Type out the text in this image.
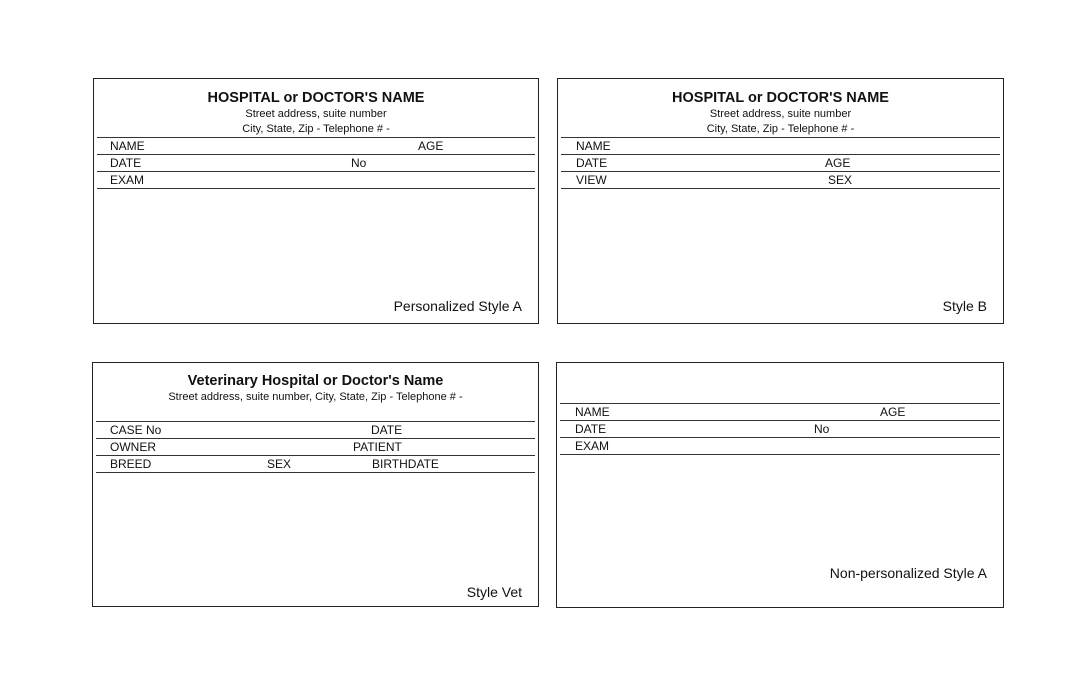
HOSPITAL or DOCTOR'S NAME
Street address, suite number
City, State, Zip - Telephone # -
NAME	AGE
DATE	No
EXAM
Personalized Style A
HOSPITAL or DOCTOR'S NAME
Street address, suite number
City, State, Zip - Telephone # -
NAME
DATE	AGE
VIEW	SEX
Style B
Veterinary Hospital or Doctor's Name
Street address, suite number, City, State, Zip - Telephone # -
CASE No	DATE
OWNER	PATIENT
BREED	SEX	BIRTHDATE
Style Vet
NAME	AGE
DATE	No
EXAM
Non-personalized Style A
